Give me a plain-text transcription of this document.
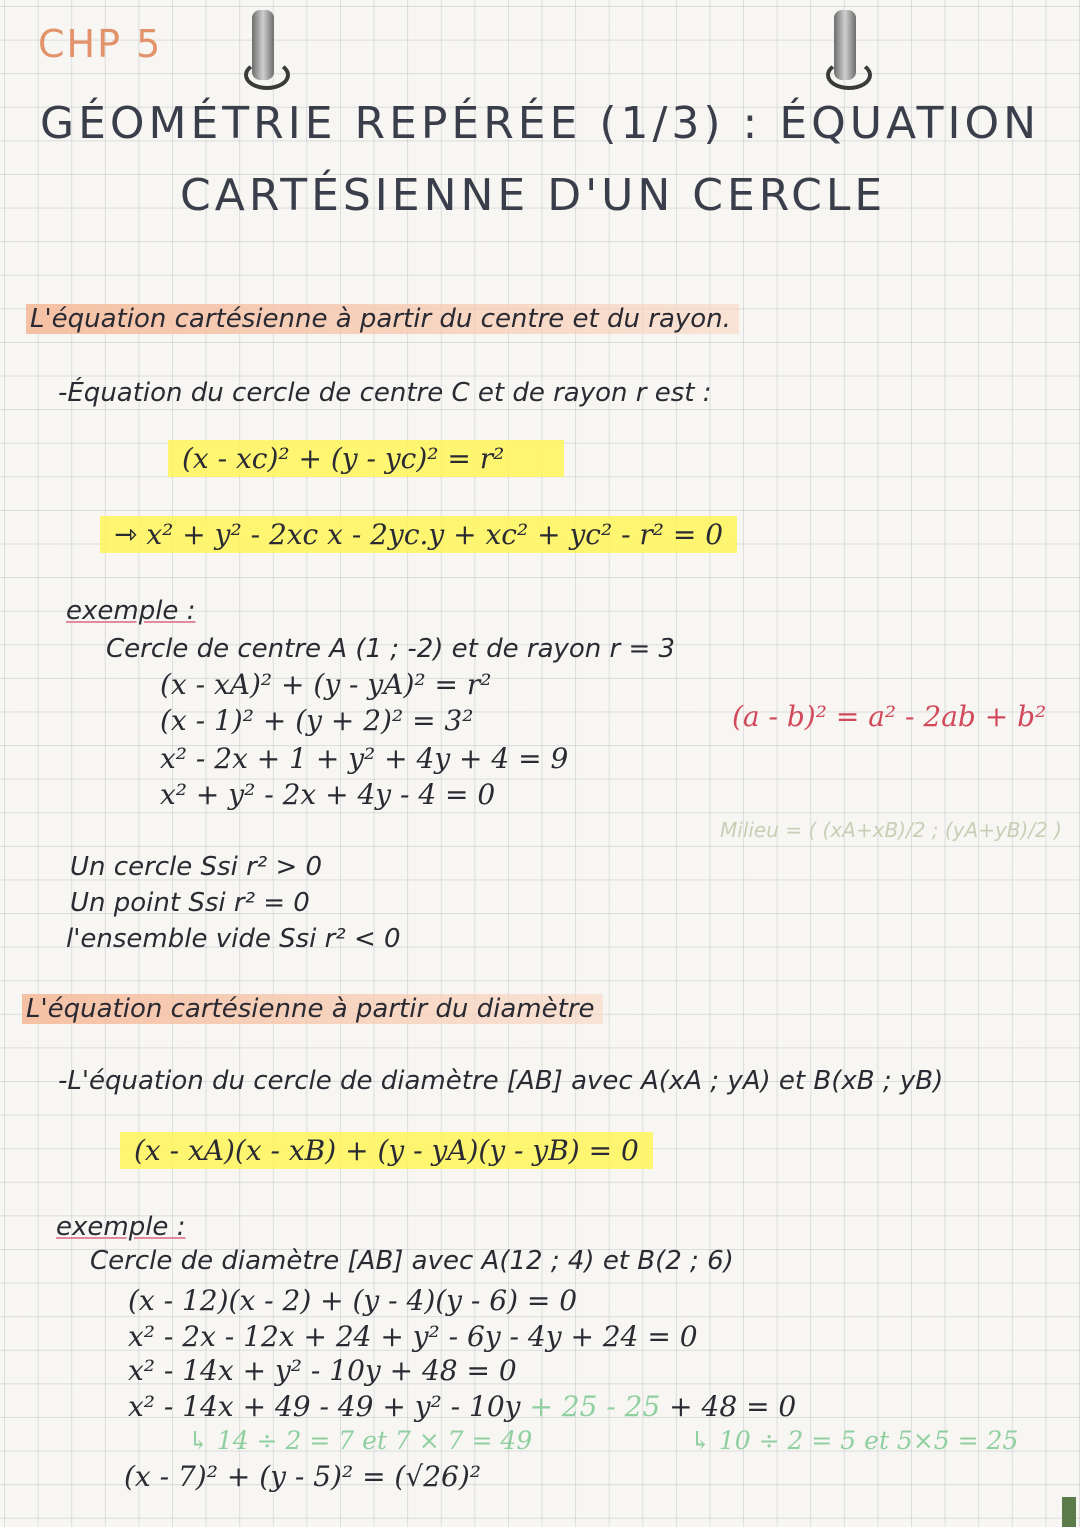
CHP 5
GÉOMÉTRIE REPÉRÉE (1/3) : ÉQUATION
CARTÉSIENNE D'UN CERCLE
L'équation cartésienne à partir du centre et du rayon.
-Équation du cercle de centre C et de rayon r est :
(x - xc)² + (y - yc)² = r²
⇾ x² + y² - 2xc x - 2yc.y + xc² + yc² - r² = 0
exemple :
Cercle de centre A (1 ; -2) et de rayon r = 3
(x - xA)² + (y - yA)² = r²
(x - 1)² + (y + 2)² = 3²
x² - 2x + 1 + y² + 4y + 4 = 9
x² + y² - 2x + 4y - 4 = 0
(a - b)² = a² - 2ab + b²
Milieu = ( (xA+xB)/2 ; (yA+yB)/2 )
Un cercle Ssi r² > 0
Un point Ssi r² = 0
l'ensemble vide Ssi r² < 0
L'équation cartésienne à partir du diamètre
-L'équation du cercle de diamètre [AB] avec A(xA ; yA) et B(xB ; yB)
(x - xA)(x - xB) + (y - yA)(y - yB) = 0
exemple :
Cercle de diamètre [AB] avec A(12 ; 4) et B(2 ; 6)
(x - 12)(x - 2) + (y - 4)(y - 6) = 0
x² - 2x - 12x + 24 + y² - 6y - 4y + 24 = 0
x² - 14x + y² - 10y + 48 = 0
x² - 14x + 49 - 49 + y² - 10y + 25 - 25 + 48 = 0
↳ 14 ÷ 2 = 7 et 7 × 7 = 49	↳ 10 ÷ 2 = 5 et 5×5 = 25
(x - 7)² + (y - 5)² = (√26)²
